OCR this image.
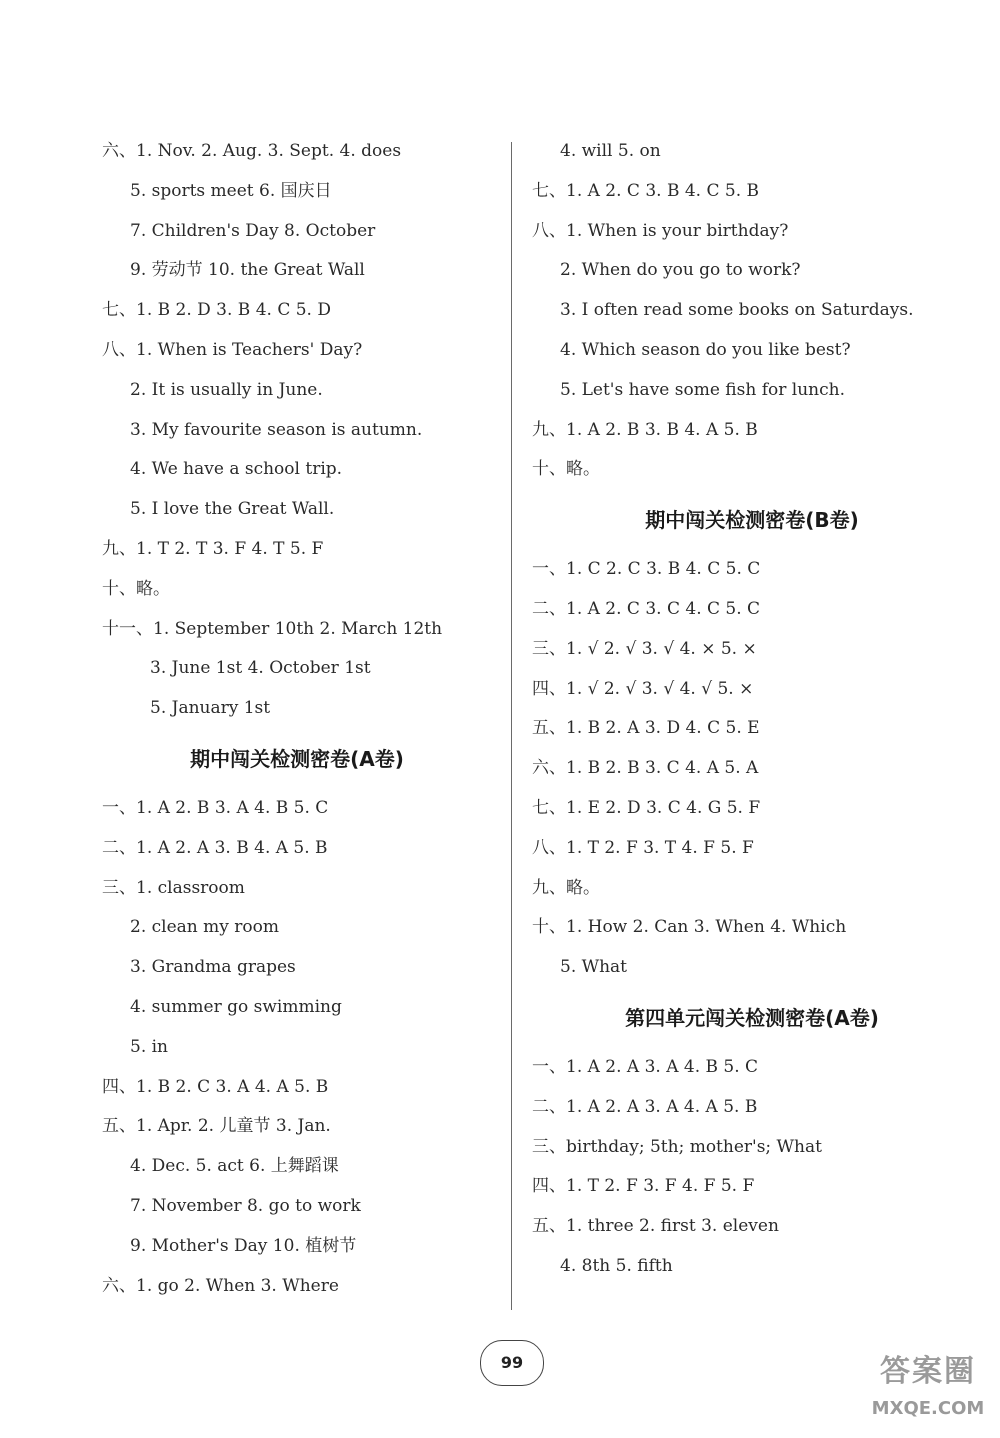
六、1. Nov. 2. Aug. 3. Sept. 4. does
5. sports meet 6. 国庆日
7. Children's Day 8. October
9. 劳动节 10. the Great Wall
七、1. B 2. D 3. B 4. C 5. D
八、1. When is Teachers' Day?
2. It is usually in June.
3. My favourite season is autumn.
4. We have a school trip.
5. I love the Great Wall.
九、1. T 2. T 3. F 4. T 5. F
十、略。
十一、1. September 10th 2. March 12th
3. June 1st 4. October 1st
5. January 1st
期中闯关检测密卷(A卷)
一、1. A 2. B 3. A 4. B 5. C
二、1. A 2. A 3. B 4. A 5. B
三、1. classroom
2. clean my room
3. Grandma grapes
4. summer go swimming
5. in
四、1. B 2. C 3. A 4. A 5. B
五、1. Apr. 2. 儿童节 3. Jan.
4. Dec. 5. act 6. 上舞蹈课
7. November 8. go to work
9. Mother's Day 10. 植树节
六、1. go 2. When 3. Where
4. will 5. on
七、1. A 2. C 3. B 4. C 5. B
八、1. When is your birthday?
2. When do you go to work?
3. I often read some books on Saturdays.
4. Which season do you like best?
5. Let's have some fish for lunch.
九、1. A 2. B 3. B 4. A 5. B
十、略。
期中闯关检测密卷(B卷)
一、1. C 2. C 3. B 4. C 5. C
二、1. A 2. C 3. C 4. C 5. C
三、1. √ 2. √ 3. √ 4. × 5. ×
四、1. √ 2. √ 3. √ 4. √ 5. ×
五、1. B 2. A 3. D 4. C 5. E
六、1. B 2. B 3. C 4. A 5. A
七、1. E 2. D 3. C 4. G 5. F
八、1. T 2. F 3. T 4. F 5. F
九、略。
十、1. How 2. Can 3. When 4. Which
5. What
第四单元闯关检测密卷(A卷)
一、1. A 2. A 3. A 4. B 5. C
二、1. A 2. A 3. A 4. A 5. B
三、birthday; 5th; mother's; What
四、1. T 2. F 3. F 4. F 5. F
五、1. three 2. first 3. eleven
4. 8th 5. fifth
99	答案圈
MXQE.COM
